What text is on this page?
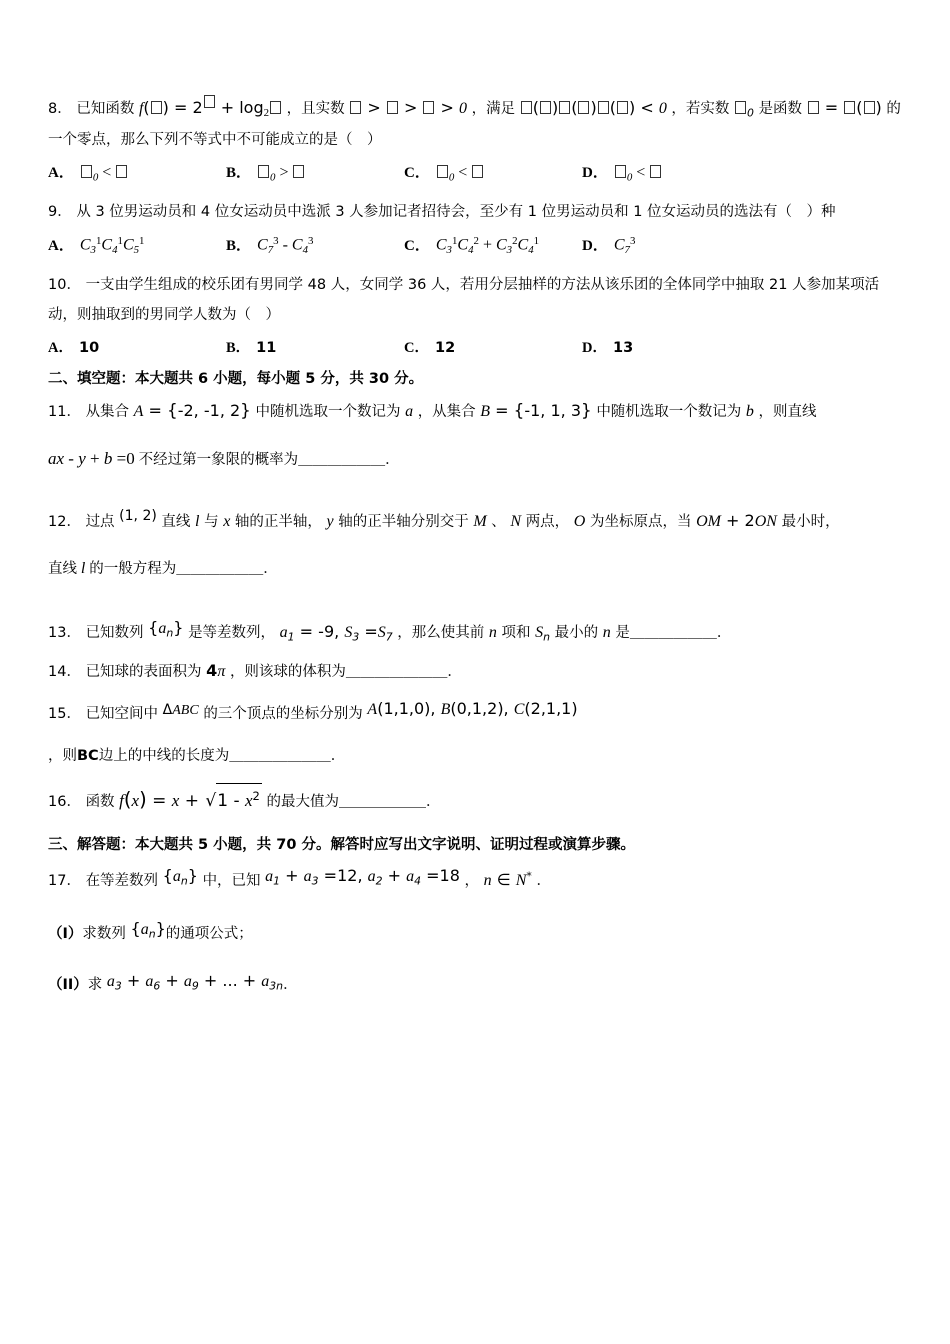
8． 已知函数 f( ) = $2 + \log_2$ ，且实数  >  >  > 0 ，满足 ( ) ( ) ( ) < 0 ，若实数 $_0$ 是函数  = ( ) 的一个零点，那么下列不等式中不可能成立的是（　）
A．	$_0$ <	B．	$_0$ >	C．	$_0$ <	D．	$_0$ <
9． 从 3 位男运动员和 4 位女运动员中选派 3 人参加记者招待会，至少有 1 位男运动员和 1 位女运动员的选法有（　）种
A． $C_3^1C_4^1C_5^1$	B． $C_7^3 - C_4^3$	C． $C_3^1C_4^2 + C_3^2C_4^1$	D． $C_7^3$
10． 一支由学生组成的校乐团有男同学 48 人，女同学 36 人，若用分层抽样的方法从该乐团的全体同学中抽取 21 人参加某项活动，则抽取到的男同学人数为（　）
A． 10	B． 11	C． 12	D． 13
二、填空题：本大题共 6 小题，每小题 5 分，共 30 分。
11． 从集合 A = {-2, -1, 2} 中随机选取一个数记为 a ，从集合 B = {-1, 1, 3} 中随机选取一个数记为 b ，则直线
ax - y + b =0 不经过第一象限的概率为＿＿＿＿＿＿．
12． 过点 (1, 2) 直线 l 与 x 轴的正半轴， y 轴的正半轴分别交于 M 、 N 两点， O 为坐标原点，当 OM + 2ON 最小时，
直线 l 的一般方程为＿＿＿＿＿＿．
13． 已知数列 $\{a_n\}$ 是等差数列， $a_1 = -9$, $S_3 =S_7$ ，那么使其前 n 项和 $S_n$ 最小的 n 是＿＿＿＿＿＿．
14． 已知球的表面积为 4π ，则该球的体积为＿＿＿＿＿＿＿．
15． 已知空间中 ΔABC 的三个顶点的坐标分别为 A(1,1,0), B(0,1,2), C(2,1,1)
，则BC边上的中线的长度为＿＿＿＿＿＿＿．
16． 函数 $f(x) = x + √1 - x^2$ 的最大值为＿＿＿＿＿＿．
三、解答题：本大题共 5 小题，共 70 分。解答时应写出文字说明、证明过程或演算步骤。
17． 在等差数列 $\{a_n\}$ 中，已知 $a_1 + a_3 =12$, $a_2 + a_4 =18$ ， n ∈ N* ．
（I）求数列 $\{a_n\}$的通项公式；
（II）求 $a_3 + a_6 + a_9$ + ... + $a_{3n}$．
